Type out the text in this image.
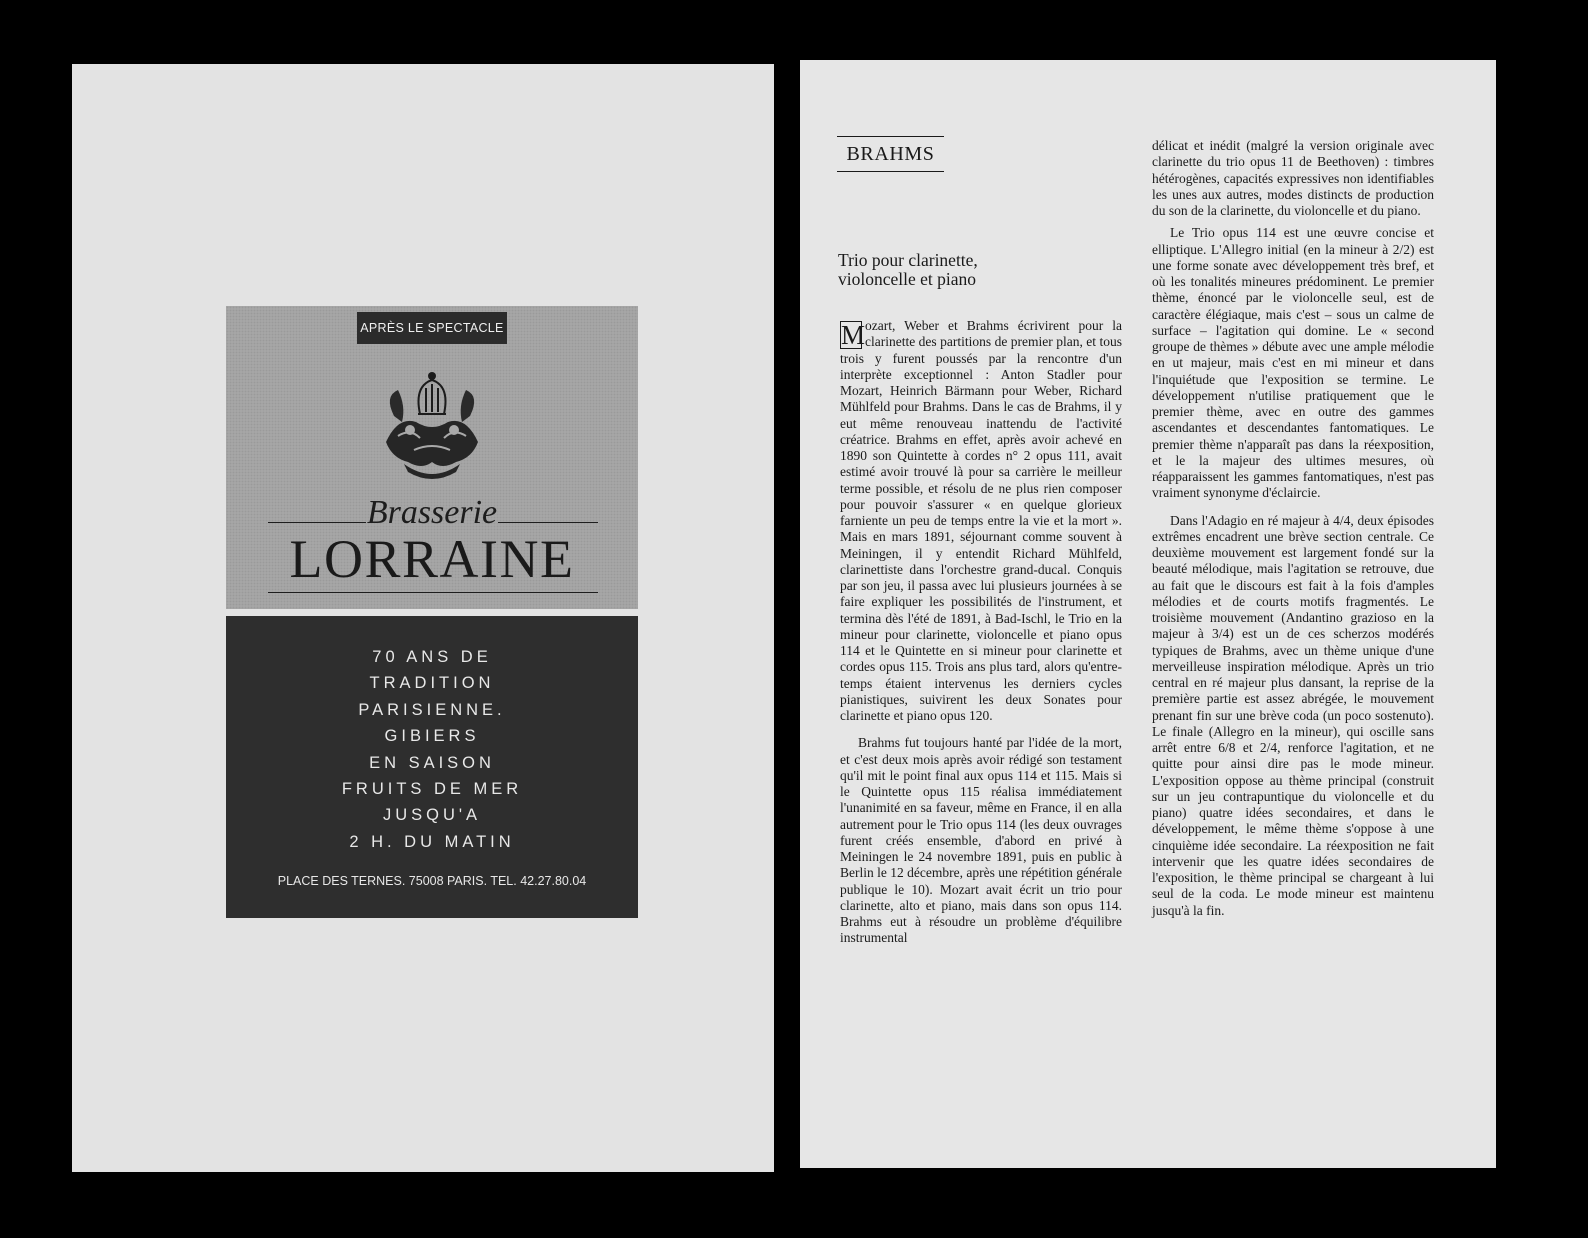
APRÈS LE SPECTACLE
Brasserie
LORRAINE
70 ANS DE
TRADITION
PARISIENNE.
GIBIERS
EN SAISON
FRUITS DE MER
JUSQU'A
2 H. DU MATIN
PLACE DES TERNES. 75008 PARIS. TEL. 42.27.80.04
BRAHMS
Trio pour clarinette,
violoncelle et piano

M ozart, Weber et Brahms écrivirent pour la clarinette des partitions de premier plan, et tous trois y furent poussés par la rencontre d'un interprète exceptionnel : Anton Stadler pour Mozart, Heinrich Bärmann pour Weber, Richard Mühlfeld pour Brahms. Dans le cas de Brahms, il y eut même renouveau inattendu de l'activité créatrice. Brahms en effet, après avoir achevé en 1890 son Quintette à cordes n° 2 opus 111, avait estimé avoir trouvé là pour sa carrière le meilleur terme possible, et résolu de ne plus rien composer pour pouvoir s'assurer « en quelque glorieux farniente un peu de temps entre la vie et la mort ». Mais en mars 1891, séjournant comme souvent à Meiningen, il y entendit Richard Mühlfeld, clarinettiste dans l'orchestre grand-ducal. Conquis par son jeu, il passa avec lui plusieurs journées à se faire expliquer les possibilités de l'instrument, et termina dès l'été de 1891, à Bad-Ischl, le Trio en la mineur pour clarinette, violoncelle et piano opus 114 et le Quintette en si mineur pour clarinette et cordes opus 115. Trois ans plus tard, alors qu'entre-temps étaient intervenus les derniers cycles pianistiques, suivirent les deux Sonates pour clarinette et piano opus 120.

Brahms fut toujours hanté par l'idée de la mort, et c'est deux mois après avoir rédigé son testament qu'il mit le point final aux opus 114 et 115. Mais si le Quintette opus 115 réalisa immédiatement l'unanimité en sa faveur, même en France, il en alla autrement pour le Trio opus 114 (les deux ouvrages furent créés ensemble, d'abord en privé à Meiningen le 24 novembre 1891, puis en public à Berlin le 12 décembre, après une répétition générale publique le 10). Mozart avait écrit un trio pour clarinette, alto et piano, mais dans son opus 114. Brahms eut à résoudre un problème d'équilibre instrumental

délicat et inédit (malgré la version originale avec clarinette du trio opus 11 de Beethoven) : timbres hétérogènes, capacités expressives non identifiables les unes aux autres, modes distincts de production du son de la clarinette, du violoncelle et du piano.

Le Trio opus 114 est une œuvre concise et elliptique. L'Allegro initial (en la mineur à 2/2) est une forme sonate avec développement très bref, et où les tonalités mineures prédominent. Le premier thème, énoncé par le violoncelle seul, est de caractère élégiaque, mais c'est – sous un calme de surface – l'agitation qui domine. Le « second groupe de thèmes » débute avec une ample mélodie en ut majeur, mais c'est en mi mineur et dans l'inquiétude que l'exposition se termine. Le développement n'utilise pratiquement que le premier thème, avec en outre des gammes ascendantes et descendantes fantomatiques. Le premier thème n'apparaît pas dans la réexposition, et le la majeur des ultimes mesures, où réapparaissent les gammes fantomatiques, n'est pas vraiment synonyme d'éclaircie.

Dans l'Adagio en ré majeur à 4/4, deux épisodes extrêmes encadrent une brève section centrale. Ce deuxième mouvement est largement fondé sur la beauté mélodique, mais l'agitation se retrouve, due au fait que le discours est fait à la fois d'amples mélodies et de courts motifs fragmentés. Le troisième mouvement (Andantino grazioso en la majeur à 3/4) est un de ces scherzos modérés typiques de Brahms, avec un thème unique d'une merveilleuse inspiration mélodique. Après un trio central en ré majeur plus dansant, la reprise de la première partie est assez abrégée, le mouvement prenant fin sur une brève coda (un poco sostenuto). Le finale (Allegro en la mineur), qui oscille sans arrêt entre 6/8 et 2/4, renforce l'agitation, et ne quitte pour ainsi dire pas le mode mineur. L'exposition oppose au thème principal (construit sur un jeu contrapuntique du violoncelle et du piano) quatre idées secondaires, et dans le développement, le même thème s'oppose à une cinquième idée secondaire. La réexposition ne fait intervenir que les quatre idées secondaires de l'exposition, le thème principal se chargeant à lui seul de la coda. Le mode mineur est maintenu jusqu'à la fin.
